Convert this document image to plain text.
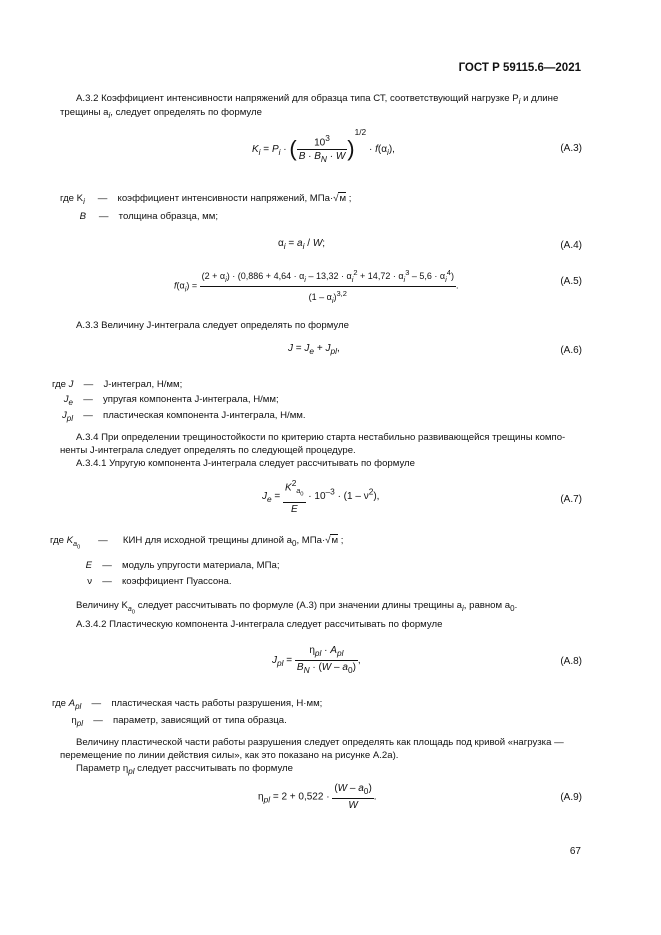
ГОСТ Р 59115.6—2021
А.3.2 Коэффициент интенсивности напряжений для образца типа СТ, соответствующий нагрузке $P_i$ и длине
трещины $a_i$, следует определять по формуле
$K_i = P_i$ · ( $\frac{10^3}{B \cdot B_N \cdot W} )^{1/2} \cdot f(\alpha_i)$,	(А.3)
где $K_i$ — коэффициент интенсивности напряжений, МПа·√м ;
B — толщина образца, мм;
$\alpha_i = a_i / W$;	(А.4)
$f(\alpha_i)$ =
$(2 + \alpha_i) \cdot (0,886 + 4,64 \cdot \alpha_i - 13,32 \cdot \alpha_i^2 + 14,72 \cdot \alpha_i^3 - 5,6 \cdot \alpha_i^4)$
$(1 - \alpha_i)^{3,2}$
.	(А.5)
А.3.3 Величину J-интеграла следует определять по формуле
$J = J_e + J_{pl}$,	(А.6)
где J — J-интеграл, Н/мм;
$J_e$ — упругая компонента J-интеграла, Н/мм;
$J_{pl}$ — пластическая компонента J-интеграла, Н/мм.
А.3.4 При определении трещиностойкости по критерию старта нестабильно развивающейся трещины компо-
ненты J-интеграла следует определять по следующей процедуре.
А.3.4.1 Упругую компонента J-интеграла следует рассчитывать по формуле
$J_e = \frac{K^2_{a_0}}{E} \cdot 10^{-3} \cdot (1 - \nu^2)$,	(А.7)
где $K_{a_0}$ — КИН для исходной трещины длиной $a_0$, МПа·√м ;
E — модуль упругости материала, МПа;
ν — коэффициент Пуассона.
Величину $K_{a_0}$ следует рассчитывать по формуле (А.3) при значении длины трещины $a_i$, равном $a_0$.
А.3.4.2 Пластическую компонента J-интеграла следует рассчитывать по формуле
$J_{pl} = \frac{\eta_{pl} \cdot A_{pl}}{B_N \cdot (W - a_0)}$ ,	(А.8)
где $A_{pl}$ — пластическая часть работы разрушения, Н·мм;
$\eta_{pl}$ — параметр, зависящий от типа образца.
Величину пластической части работы разрушения следует определять как площадь под кривой «нагрузка —
перемещение по линии действия силы», как это показано на рисунке А.2а).
Параметр $\eta_{pl}$ следует рассчитывать по формуле
$\eta_{pl} = 2 + 0,522 \cdot \frac{(W - a_0)}{W}$ .	(А.9)
67
